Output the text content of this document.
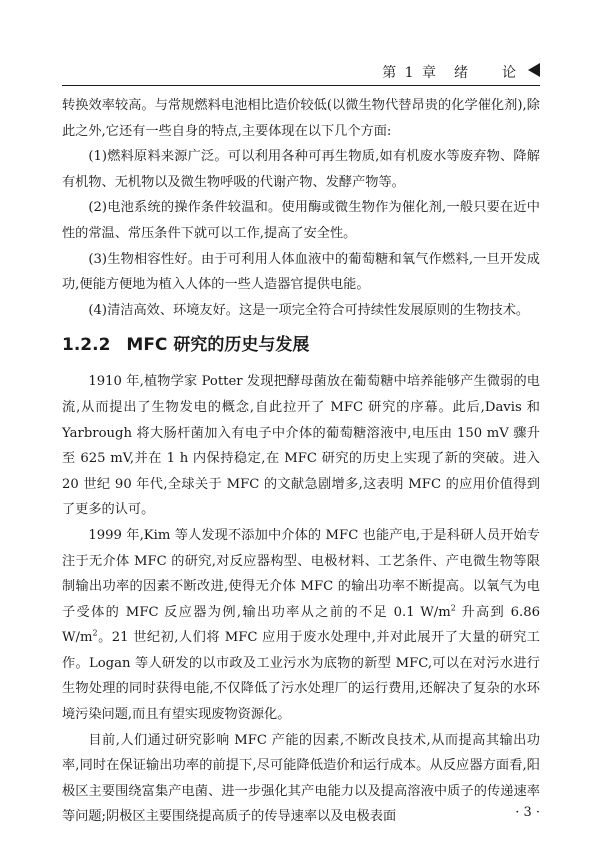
第 1 章　绪　　论

转换效率较高。与常规燃料电池相比造价较低(以微生物代替昂贵的化学催化剂),除此之外,它还有一些自身的特点,主要体现在以下几个方面:

(1)燃料原料来源广泛。可以利用各种可再生物质,如有机废水等废弃物、降解有机物、无机物以及微生物呼吸的代谢产物、发酵产物等。

(2)电池系统的操作条件较温和。使用酶或微生物作为催化剂,一般只要在近中性的常温、常压条件下就可以工作,提高了安全性。

(3)生物相容性好。由于可利用人体血液中的葡萄糖和氧气作燃料,一旦开发成功,便能方便地为植入人体的一些人造器官提供电能。

(4)清洁高效、环境友好。这是一项完全符合可持续性发展原则的生物技术。

1.2.2 MFC 研究的历史与发展

1910 年,植物学家 Potter 发现把酵母菌放在葡萄糖中培养能够产生微弱的电流,从而提出了生物发电的概念,自此拉开了 MFC 研究的序幕。此后,Davis 和 Yarbrough 将大肠杆菌加入有电子中介体的葡萄糖溶液中,电压由 150 mV 骤升至 625 mV,并在 1 h 内保持稳定,在 MFC 研究的历史上实现了新的突破。进入 20 世纪 90 年代,全球关于 MFC 的文献急剧增多,这表明 MFC 的应用价值得到了更多的认可。

1999 年,Kim 等人发现不添加中介体的 MFC 也能产电,于是科研人员开始专注于无介体 MFC 的研究,对反应器构型、电极材料、工艺条件、产电微生物等限制输出功率的因素不断改进,使得无介体 MFC 的输出功率不断提高。以氧气为电子受体的 MFC 反应器为例,输出功率从之前的不足 0.1 $W/m^2$ 升高到 6.86 $W/m^2$。21 世纪初,人们将 MFC 应用于废水处理中,并对此展开了大量的研究工作。Logan 等人研发的以市政及工业污水为底物的新型 MFC,可以在对污水进行生物处理的同时获得电能,不仅降低了污水处理厂的运行费用,还解决了复杂的水环境污染问题,而且有望实现废物资源化。

目前,人们通过研究影响 MFC 产能的因素,不断改良技术,从而提高其输出功率,同时在保证输出功率的前提下,尽可能降低造价和运行成本。从反应器方面看,阳极区主要围绕富集产电菌、进一步强化其产电能力以及提高溶液中质子的传递速率等问题;阴极区主要围绕提高质子的传导速率以及电极表面	· 3 ·
